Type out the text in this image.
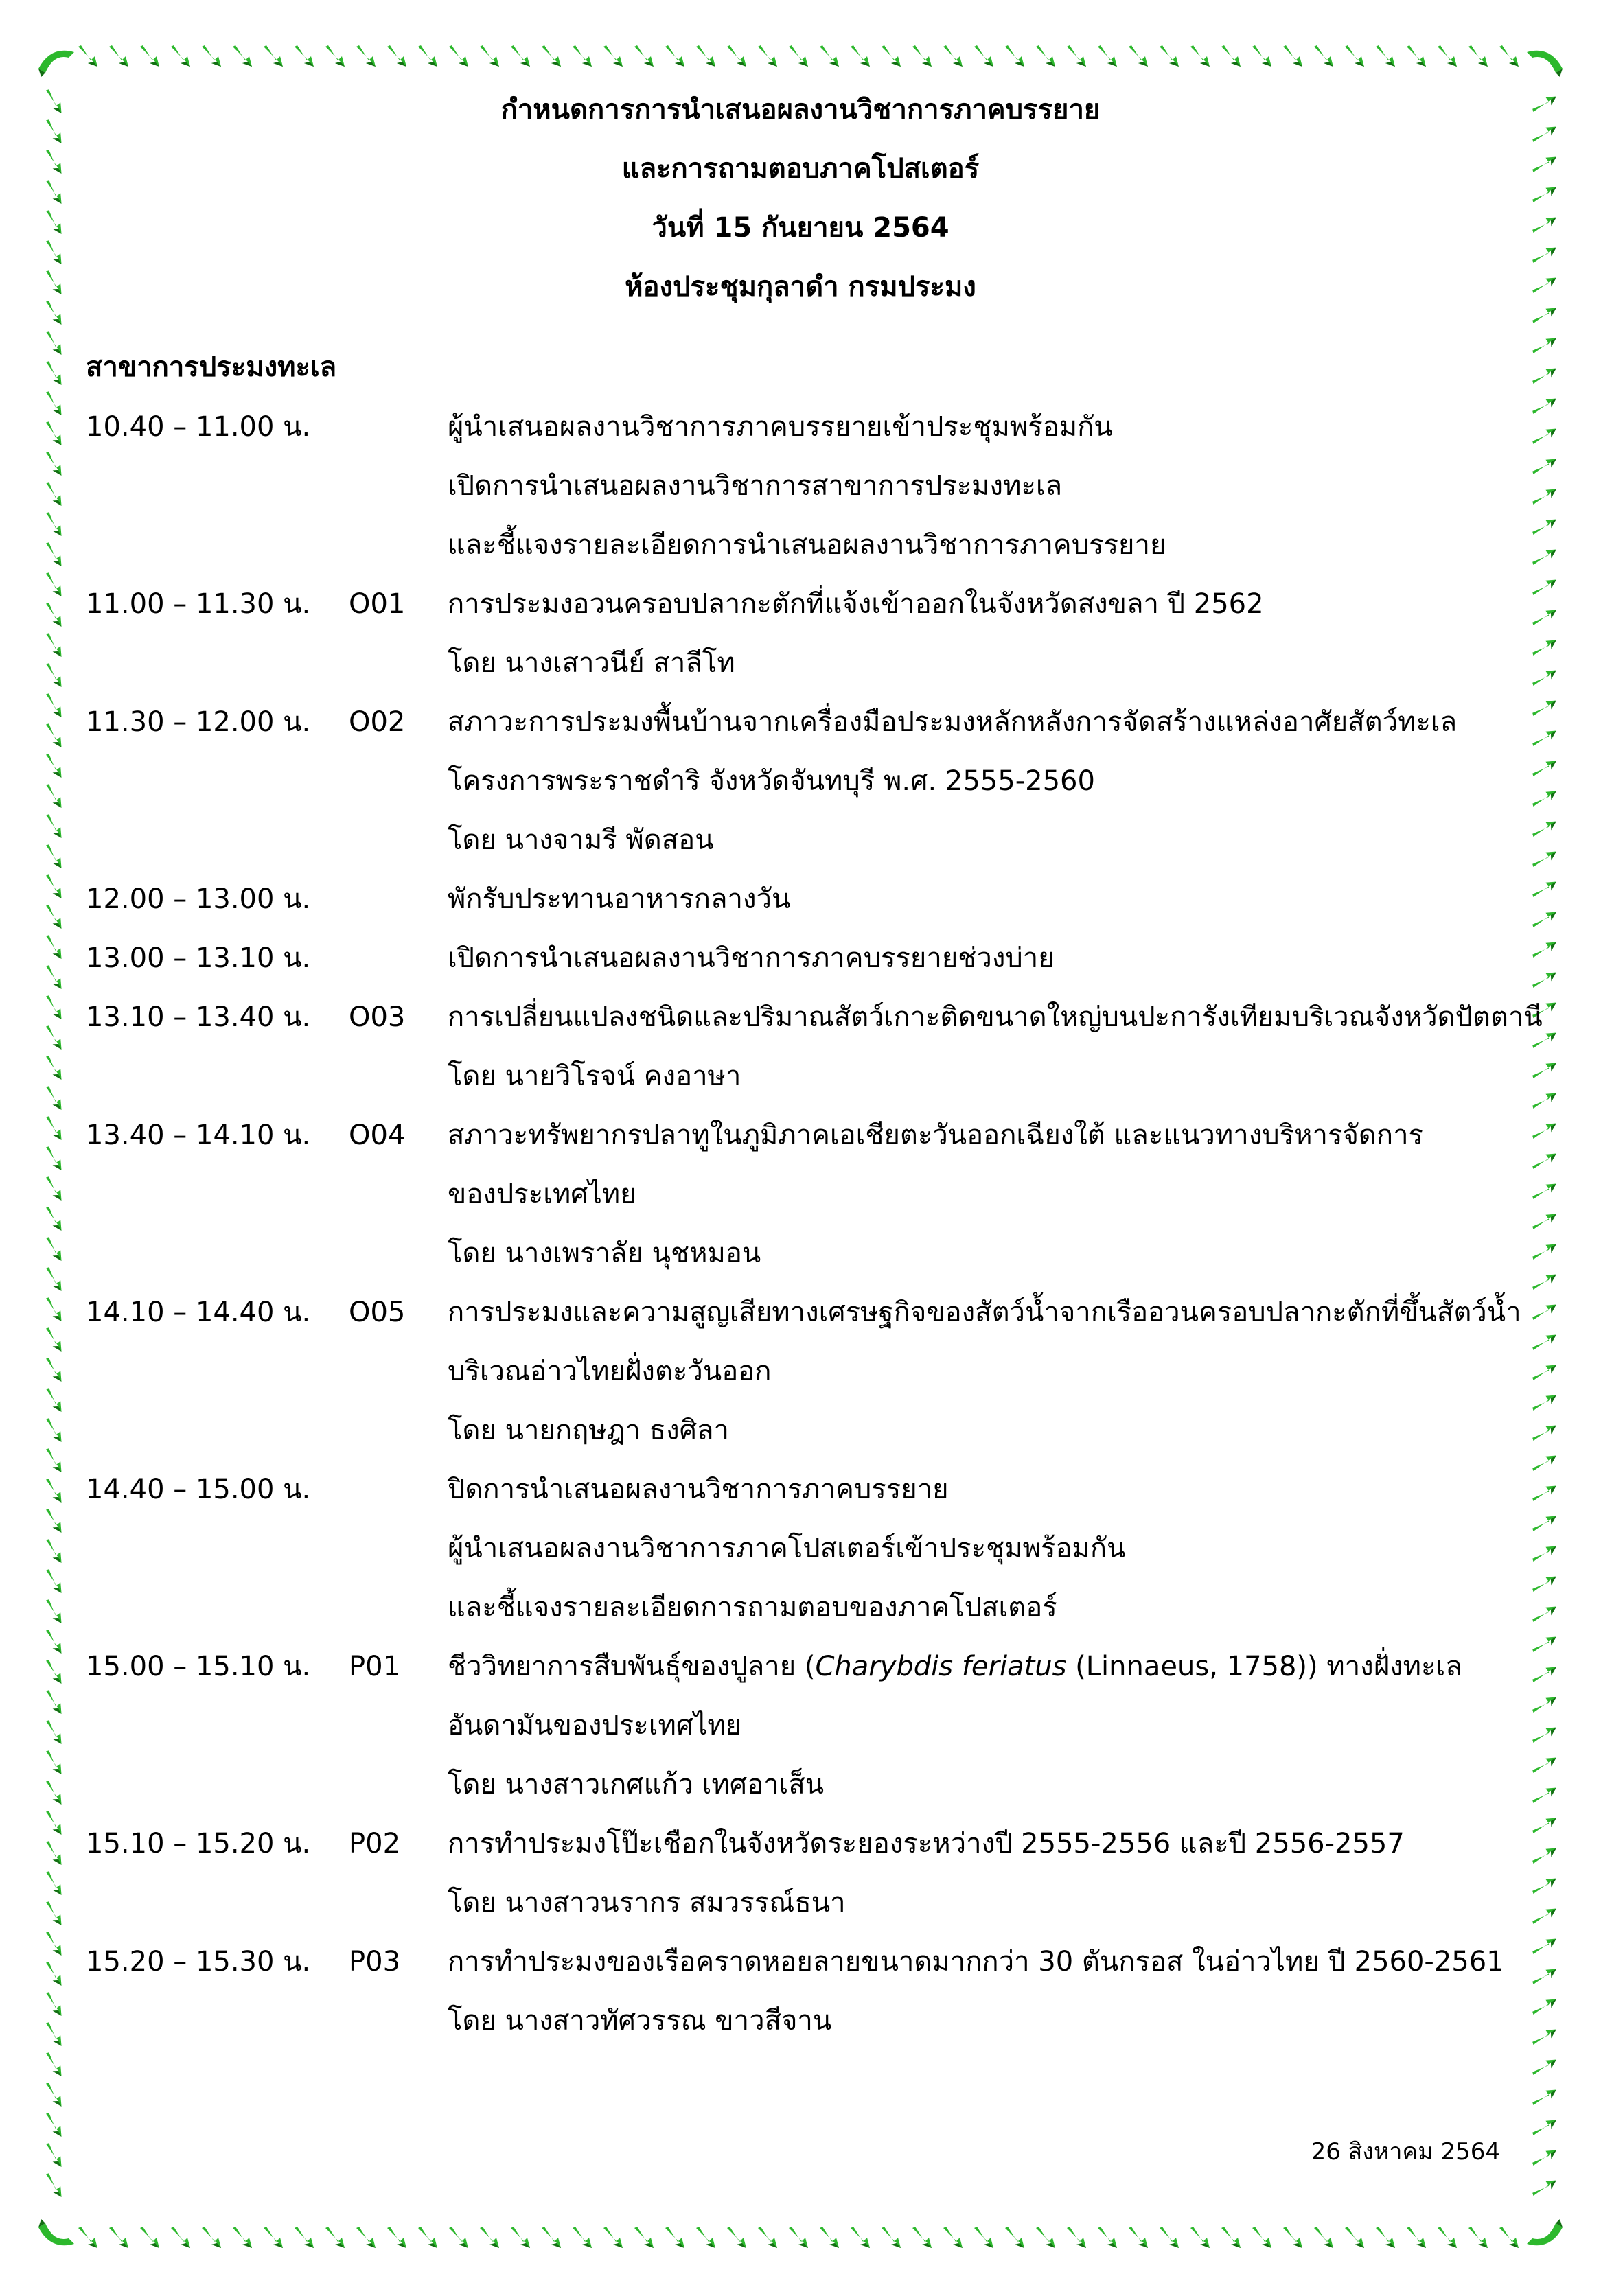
กำหนดการการนำเสนอผลงานวิชาการภาคบรรยาย
และการถามตอบภาคโปสเตอร์
วันที่ 15 กันยายน 2564
ห้องประชุมกุลาดำ กรมประมง
สาขาการประมงทะเล
10.40 – 11.00 น.	ผู้นำเสนอผลงานวิชาการภาคบรรยายเข้าประชุมพร้อมกัน
เปิดการนำเสนอผลงานวิชาการสาขาการประมงทะเล
และชี้แจงรายละเอียดการนำเสนอผลงานวิชาการภาคบรรยาย
11.00 – 11.30 น. O01 การประมงอวนครอบปลากะตักที่แจ้งเข้าออกในจังหวัดสงขลา ปี 2562
โดย นางเสาวนีย์ สาลีโท
11.30 – 12.00 น. O02 สภาวะการประมงพื้นบ้านจากเครื่องมือประมงหลักหลังการจัดสร้างแหล่งอาศัยสัตว์ทะเล
โครงการพระราชดำริ จังหวัดจันทบุรี พ.ศ. 2555-2560
โดย นางจามรี พัดสอน
12.00 – 13.00 น.	พักรับประทานอาหารกลางวัน
13.00 – 13.10 น.	เปิดการนำเสนอผลงานวิชาการภาคบรรยายช่วงบ่าย
13.10 – 13.40 น. O03 การเปลี่ยนแปลงชนิดและปริมาณสัตว์เกาะติดขนาดใหญ่บนปะการังเทียมบริเวณจังหวัดปัตตานี
โดย นายวิโรจน์ คงอาษา
13.40 – 14.10 น. O04 สภาวะทรัพยากรปลาทูในภูมิภาคเอเชียตะวันออกเฉียงใต้ และแนวทางบริหารจัดการ
ของประเทศไทย
โดย นางเพราลัย นุชหมอน
14.10 – 14.40 น. O05 การประมงและความสูญเสียทางเศรษฐกิจของสัตว์น้ำจากเรืออวนครอบปลากะตักที่ขึ้นสัตว์น้ำ
บริเวณอ่าวไทยฝั่งตะวันออก
โดย นายกฤษฎา ธงศิลา
14.40 – 15.00 น.	ปิดการนำเสนอผลงานวิชาการภาคบรรยาย
ผู้นำเสนอผลงานวิชาการภาคโปสเตอร์เข้าประชุมพร้อมกัน
และชี้แจงรายละเอียดการถามตอบของภาคโปสเตอร์
15.00 – 15.10 น. P01 ชีววิทยาการสืบพันธุ์ของปูลาย (Charybdis feriatus (Linnaeus, 1758)) ทางฝั่งทะเล
อันดามันของประเทศไทย
โดย นางสาวเกศแก้ว เทศอาเส็น
15.10 – 15.20 น. P02 การทำประมงโป๊ะเชือกในจังหวัดระยองระหว่างปี 2555-2556 และปี 2556-2557
โดย นางสาวนรากร สมวรรณ์ธนา
15.20 – 15.30 น. P03 การทำประมงของเรือคราดหอยลายขนาดมากกว่า 30 ตันกรอส ในอ่าวไทย ปี 2560-2561
โดย นางสาวทัศวรรณ ขาวสีจาน
26 สิงหาคม 2564
